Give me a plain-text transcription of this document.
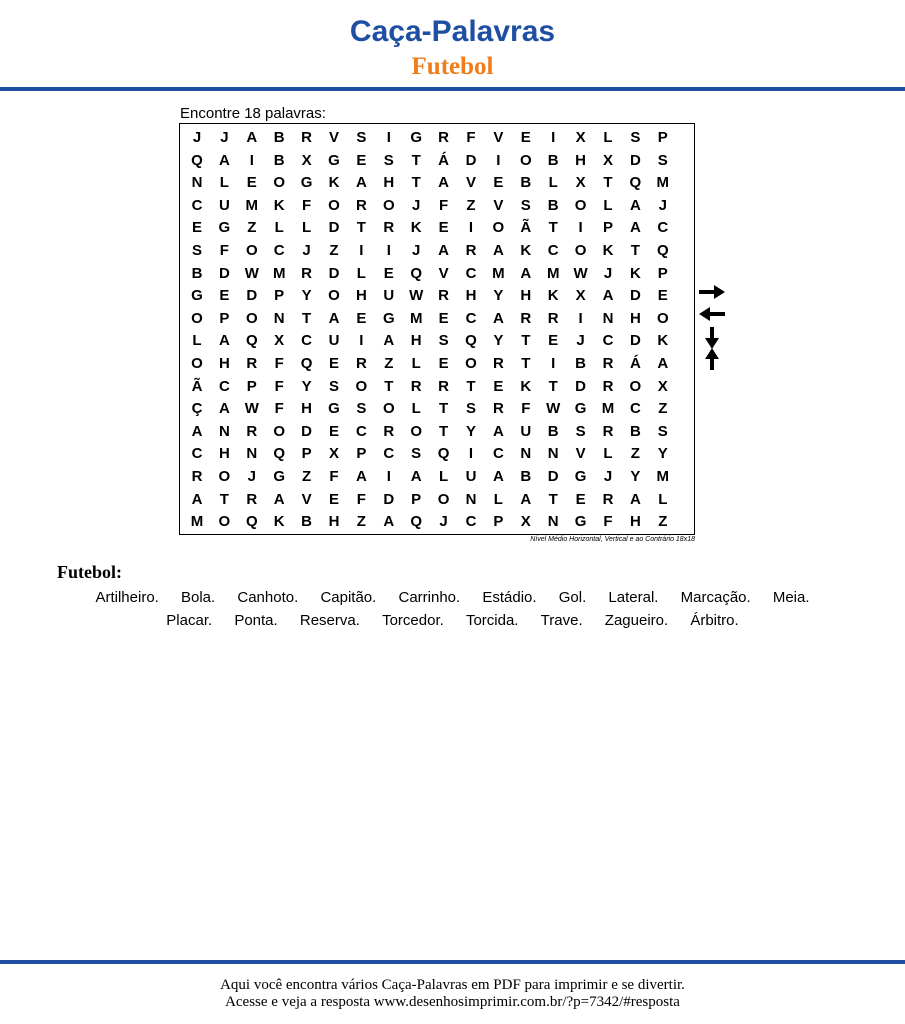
Caça-Palavras
Futebol
Encontre 18 palavras:
J	J	A	B	R	V	S	I	G	R	F	V	E	I	X	L	S	P
Q	A	I	B	X	G	E	S	T	Á	D	I	O	B	H	X	D	S
N	L	E	O	G	K	A	H	T	A	V	E	B	L	X	T	Q	M
C	U	M	K	F	O	R	O	J	F	Z	V	S	B	O	L	A	J
E	G	Z	L	L	D	T	R	K	E	I	O	Ã	T	I	P	A	C
S	F	O	C	J	Z	I	I	J	A	R	A	K	C	O	K	T	Q
B	D W M	R	D	L	E	Q	V	C	M	A	M W	J	K	P
G	E	D	P	Y	O	H	U W R	H	Y	H	K	X	A	D	E
O	P	O	N	T	A	E	G	M	E	C	A	R	R	I	N	H	O
L	A	Q	X	C	U	I	A	H	S	Q	Y	T	E	J	C	D	K
O	H	R	F	Q	E	R	Z	L	E	O	R	T	I	B	R	Á	A
Ã	C	P	F	Y	S	O	T	R	R	T	E	K	T	D	R	O	X
Ç	A W	F	H	G	S	O	L	T	S	R	F	W G	M	C	Z
A	N	R	O	D	E	C	R	O	T	Y	A	U	B	S	R	B	S
C	H	N	Q	P	X	P	C	S	Q	I	C	N	N	V	L	Z	Y
R	O	J	G	Z	F	A	I	A	L	U	A	B	D	G	J	Y	M
A	T	R	A	V	E	F	D	P	O	N	L	A	T	E	R	A	L
M	O	Q	K	B	H	Z	A	Q	J	C	P	X	N	G	F	H	Z
Nível Médio Horizontal, Vertical e ao Contrário 18x18
Futebol:
Artilheiro. Bola. Canhoto. Capitão. Carrinho. Estádio. Gol. Lateral. Marcação. Meia.
Placar. Ponta. Reserva. Torcedor. Torcida. Trave. Zagueiro. Árbitro.
Aqui você encontra vários Caça-Palavras em PDF para imprimir e se divertir.
Acesse e veja a resposta www.desenhosimprimir.com.br/?p=7342/#resposta
